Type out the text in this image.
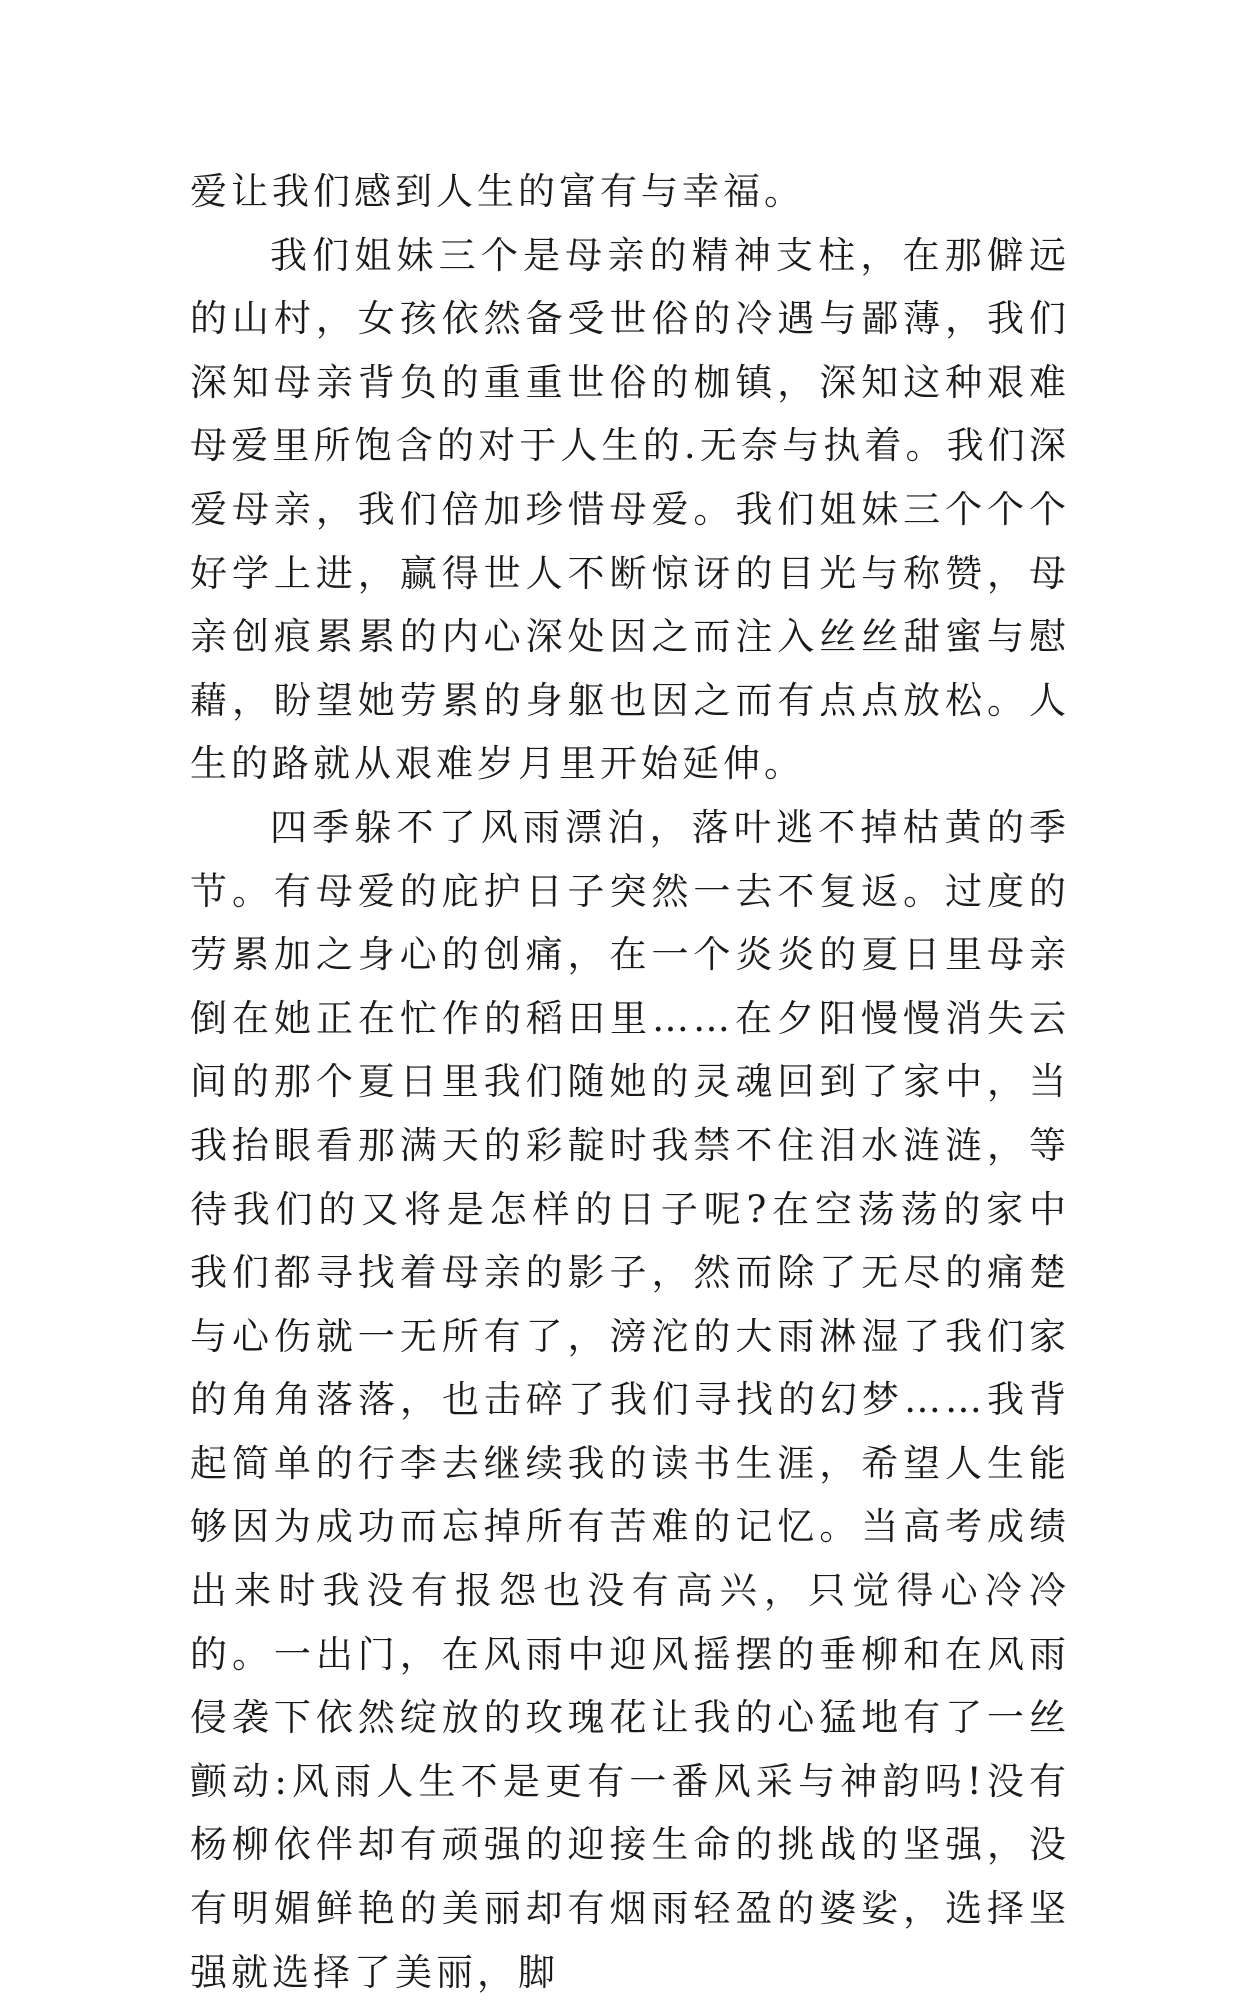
爱让我们感到人生的富有与幸福。

我们姐妹三个是母亲的精神支柱，在那僻远的山村，女孩依然备受世俗的冷遇与鄙薄，我们深知母亲背负的重重世俗的枷镇，深知这种艰难母爱里所饱含的对于人生的.无奈与执着。我们深爱母亲，我们倍加珍惜母爱。我们姐妹三个个个好学上进，赢得世人不断惊讶的目光与称赞，母亲创痕累累的内心深处因之而注入丝丝甜蜜与慰藉，盼望她劳累的身躯也因之而有点点放松。人生的路就从艰难岁月里开始延伸。

四季躲不了风雨漂泊，落叶逃不掉枯黄的季节。有母爱的庇护日子突然一去不复返。过度的劳累加之身心的创痛，在一个炎炎的夏日里母亲倒在她正在忙作的稻田里……在夕阳慢慢消失云间的那个夏日里我们随她的灵魂回到了家中，当我抬眼看那满天的彩靛时我禁不住泪水涟涟，等待我们的又将是怎样的日子呢?在空荡荡的家中我们都寻找着母亲的影子，然而除了无尽的痛楚与心伤就一无所有了，滂沱的大雨淋湿了我们家的角角落落，也击碎了我们寻找的幻梦……我背起简单的行李去继续我的读书生涯，希望人生能够因为成功而忘掉所有苦难的记忆。当高考成绩出来时我没有报怨也没有高兴，只觉得心冷冷的。一出门，在风雨中迎风摇摆的垂柳和在风雨侵袭下依然绽放的玫瑰花让我的心猛地有了一丝颤动:风雨人生不是更有一番风采与神韵吗!没有杨柳依伴却有顽强的迎接生命的挑战的坚强，没有明媚鲜艳的美丽却有烟雨轻盈的婆娑，选择坚强就选择了美丽，脚
